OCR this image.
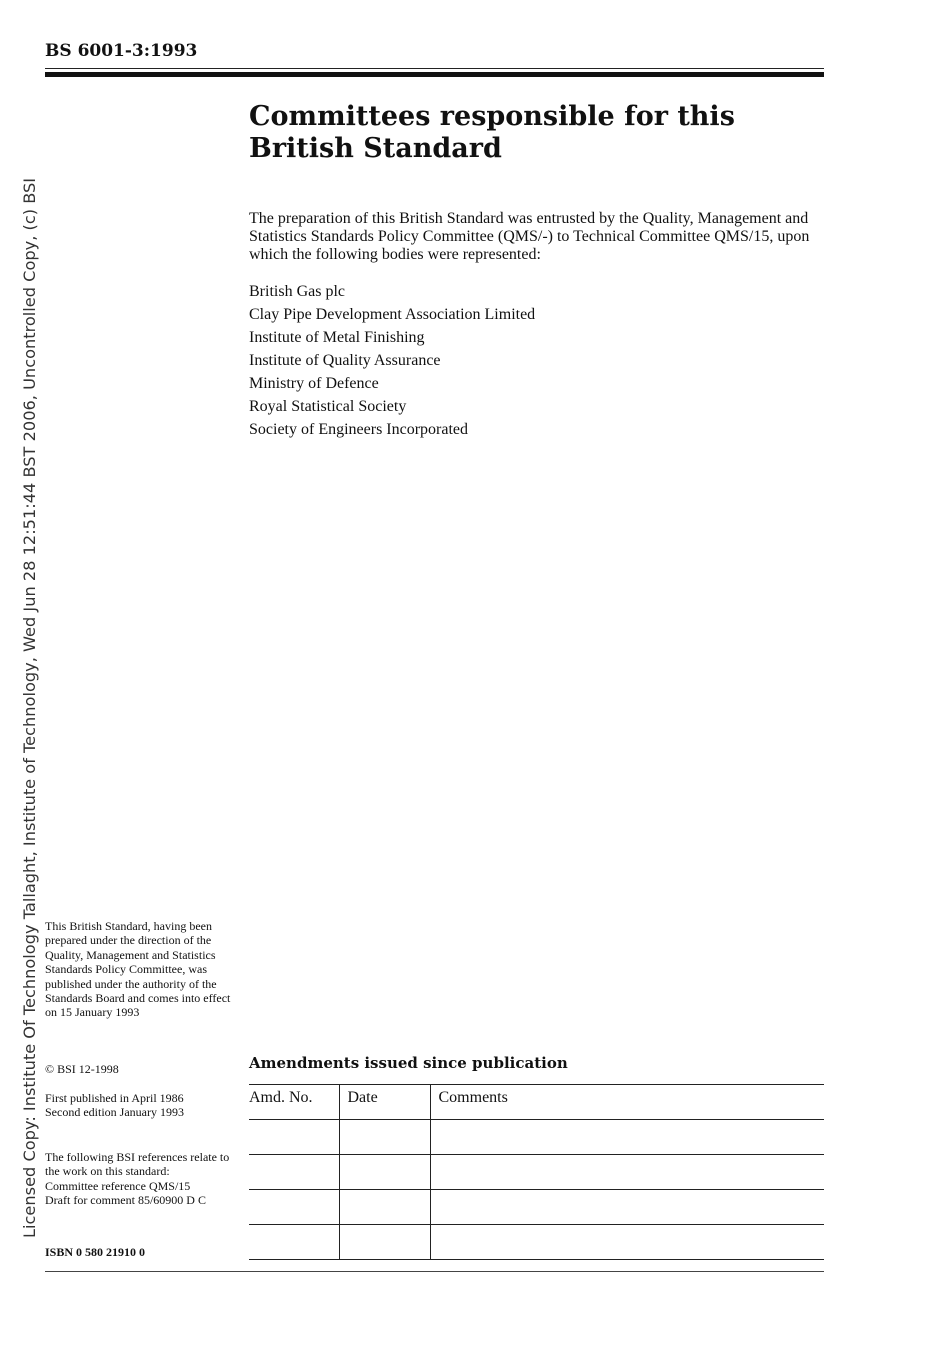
BS 6001-3:1993
Licensed Copy: Institute Of Technology Tallaght, Institute of Technology, Wed Jun 28 12:51:44 BST 2006, Uncontrolled Copy, (c) BSI
Committees responsible for this
British Standard
The preparation of this British Standard was entrusted by the Quality, Management and Statistics Standards Policy Committee (QMS/-) to Technical Committee QMS/15, upon which the following bodies were represented:
British Gas plc
Clay Pipe Development Association Limited
Institute of Metal Finishing
Institute of Quality Assurance
Ministry of Defence
Royal Statistical Society
Society of Engineers Incorporated
This British Standard, having been prepared under the direction of the Quality, Management and Statistics Standards Policy Committee, was published under the authority of the Standards Board and comes into effect on 15 January 1993
© BSI 12-1998
First published in April 1986
Second edition January 1993
The following BSI references relate to the work on this standard:
Committee reference QMS/15
Draft for comment 85/60900 D C
ISBN 0 580 21910 0
Amendments issued since publication
Amd. No.	Date	Comments
